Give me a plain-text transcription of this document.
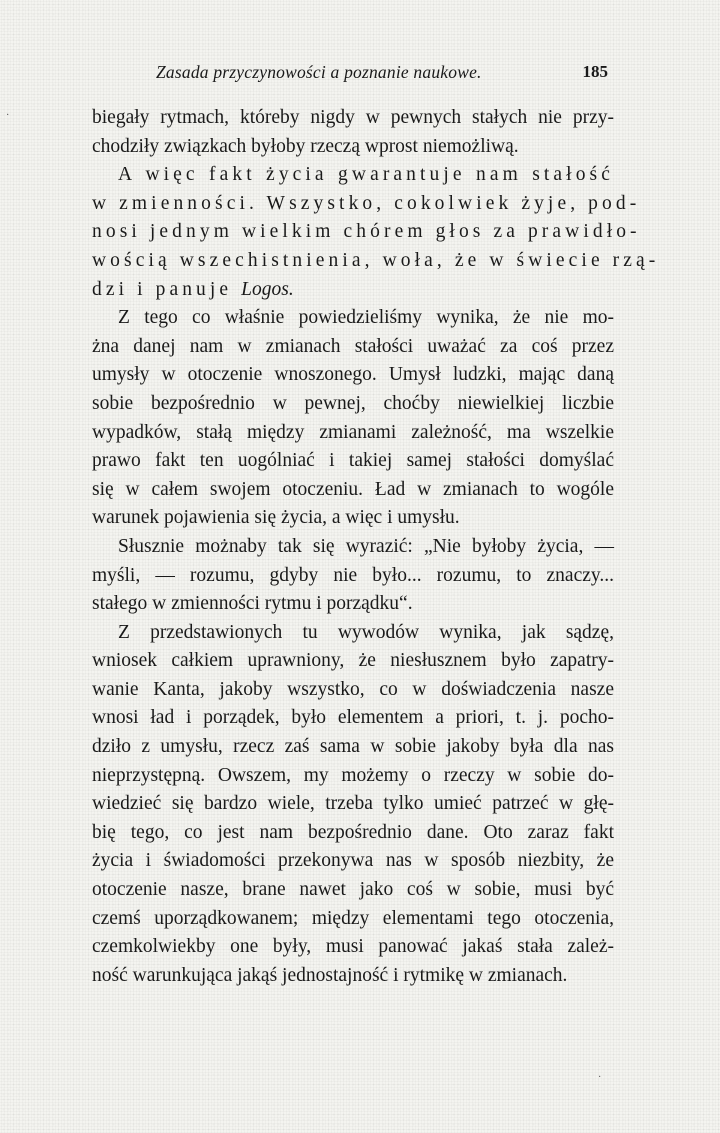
Zasada przyczynowości a poznanie naukowe.	185

biegały rytmach, któreby nigdy w pewnych stałych nie przy-
chodziły związkach byłoby rzeczą wprost niemożliwą.

A więc fakt życia gwarantuje nam stałość
w zmienności. Wszystko, cokolwiek żyje, pod-
nosi jednym wielkim chórem głos za prawidło-
wością wszechistnienia, woła, że w świecie rzą-
dzi i panuje Logos.

Z tego co właśnie powiedzieliśmy wynika, że nie mo-
żna danej nam w zmianach stałości uważać za coś przez
umysły w otoczenie wnoszonego. Umysł ludzki, mając daną
sobie bezpośrednio w pewnej, choćby niewielkiej liczbie
wypadków, stałą między zmianami zależność, ma wszelkie
prawo fakt ten uogólniać i takiej samej stałości domyślać
się w całem swojem otoczeniu. Ład w zmianach to wogóle
warunek pojawienia się życia, a więc i umysłu.

Słusznie możnaby tak się wyrazić: „Nie byłoby życia, —
myśli, — rozumu, gdyby nie było... rozumu, to znaczy...
stałego w zmienności rytmu i porządku“.

Z przedstawionych tu wywodów wynika, jak sądzę,
wniosek całkiem uprawniony, że niesłusznem było zapatry-
wanie Kanta, jakoby wszystko, co w doświadczenia nasze
wnosi ład i porządek, było elementem a priori, t. j. pocho-
dziło z umysłu, rzecz zaś sama w sobie jakoby była dla nas
nieprzystępną. Owszem, my możemy o rzeczy w sobie do-
wiedzieć się bardzo wiele, trzeba tylko umieć patrzeć w głę-
bię tego, co jest nam bezpośrednio dane. Oto zaraz fakt
życia i świadomości przekonywa nas w sposób niezbity, że
otoczenie nasze, brane nawet jako coś w sobie, musi być
czemś uporządkowanem; między elementami tego otoczenia,
czemkolwiekby one były, musi panować jakaś stała zależ-
ność warunkująca jakąś jednostajność i rytmikę w zmianach.

·
·
